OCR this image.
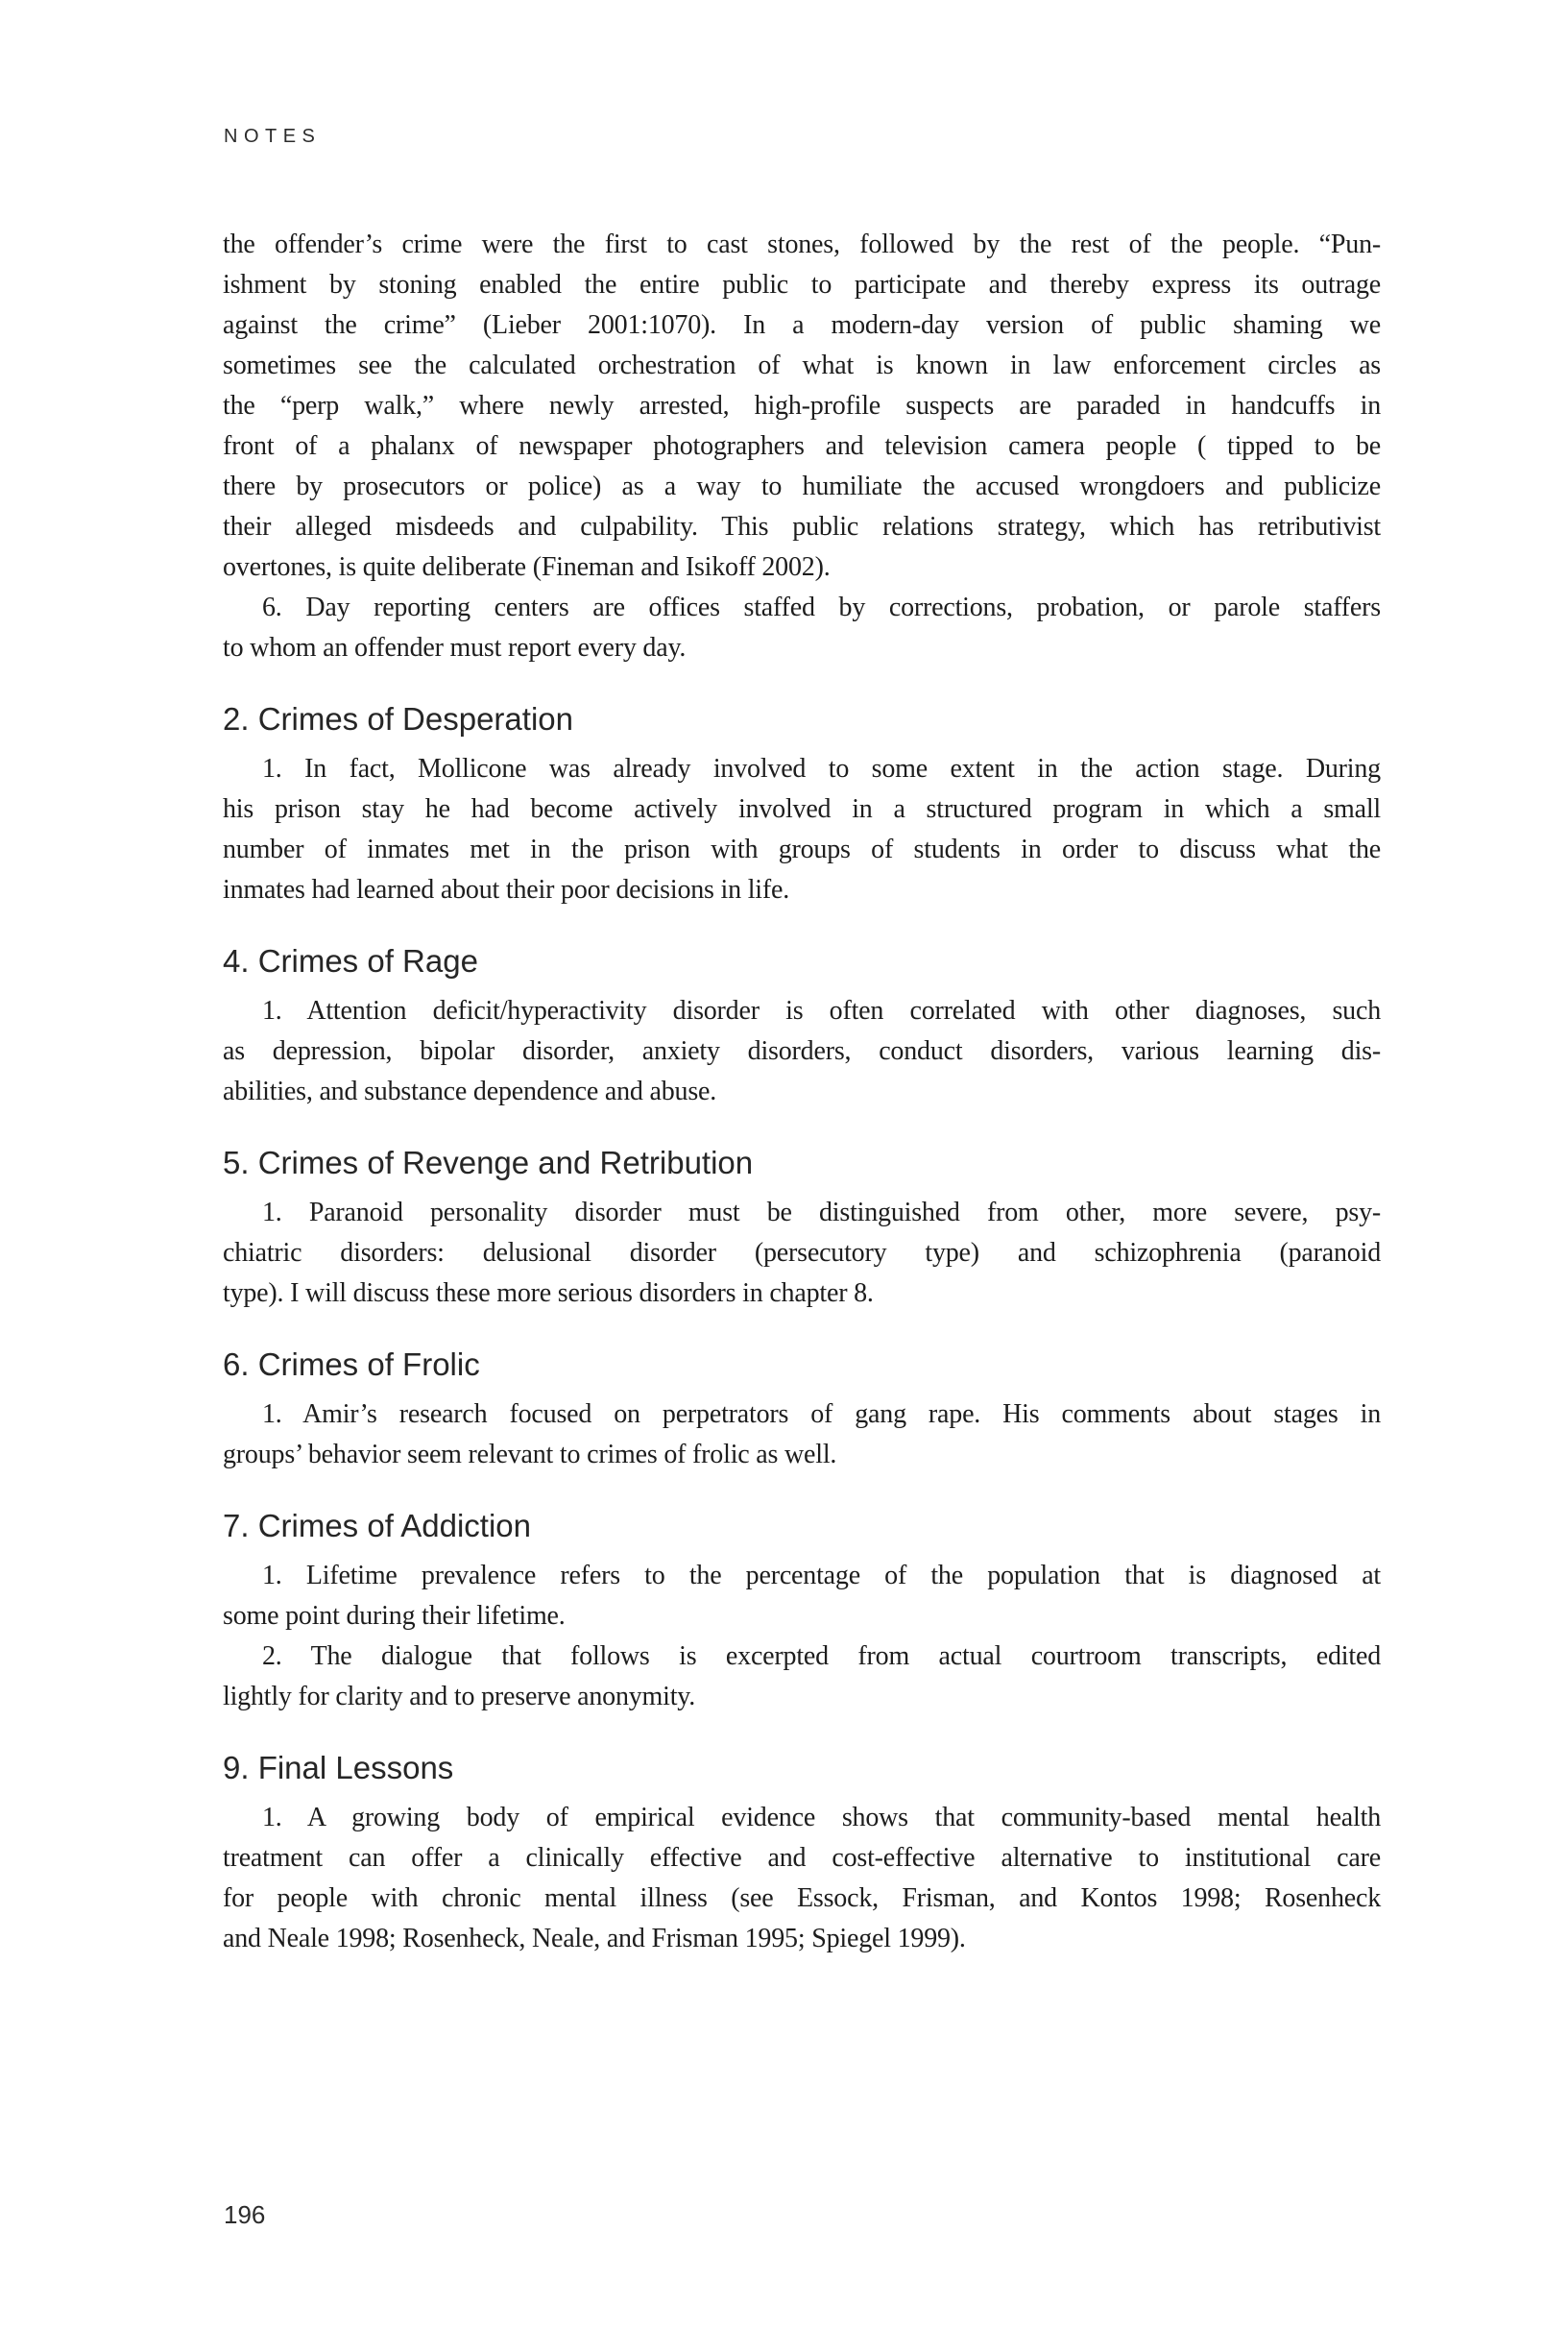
NOTES

the offender’s crime were the first to cast stones, followed by the rest of the people. “Pun-
ishment by stoning enabled the entire public to participate and thereby express its outrage
against the crime” (Lieber 2001:1070). In a modern-day version of public shaming we
sometimes see the calculated orchestration of what is known in law enforcement circles as
the “perp walk,” where newly arrested, high-profile suspects are paraded in handcuffs in
front of a phalanx of newspaper photographers and television camera people ( tipped to be
there by prosecutors or police) as a way to humiliate the accused wrongdoers and publicize
their alleged misdeeds and culpability. This public relations strategy, which has retributivist
overtones, is quite deliberate (Fineman and Isikoff 2002).

6. Day reporting centers are offices staffed by corrections, probation, or parole staffers
to whom an offender must report every day.

2. Crimes of Desperation

1. In fact, Mollicone was already involved to some extent in the action stage. During
his prison stay he had become actively involved in a structured program in which a small
number of inmates met in the prison with groups of students in order to discuss what the
inmates had learned about their poor decisions in life.

4. Crimes of Rage

1. Attention deficit/hyperactivity disorder is often correlated with other diagnoses, such
as depression, bipolar disorder, anxiety disorders, conduct disorders, various learning dis-
abilities, and substance dependence and abuse.

5. Crimes of Revenge and Retribution

1. Paranoid personality disorder must be distinguished from other, more severe, psy-
chiatric disorders: delusional disorder (persecutory type) and schizophrenia (paranoid
type). I will discuss these more serious disorders in chapter 8.

6. Crimes of Frolic

1. Amir’s research focused on perpetrators of gang rape. His comments about stages in
groups’ behavior seem relevant to crimes of frolic as well.

7. Crimes of Addiction

1. Lifetime prevalence refers to the percentage of the population that is diagnosed at
some point during their lifetime.

2. The dialogue that follows is excerpted from actual courtroom transcripts, edited
lightly for clarity and to preserve anonymity.

9. Final Lessons

1. A growing body of empirical evidence shows that community-based mental health
treatment can offer a clinically effective and cost-effective alternative to institutional care
for people with chronic mental illness (see Essock, Frisman, and Kontos 1998; Rosenheck
and Neale 1998; Rosenheck, Neale, and Frisman 1995; Spiegel 1999).

196
